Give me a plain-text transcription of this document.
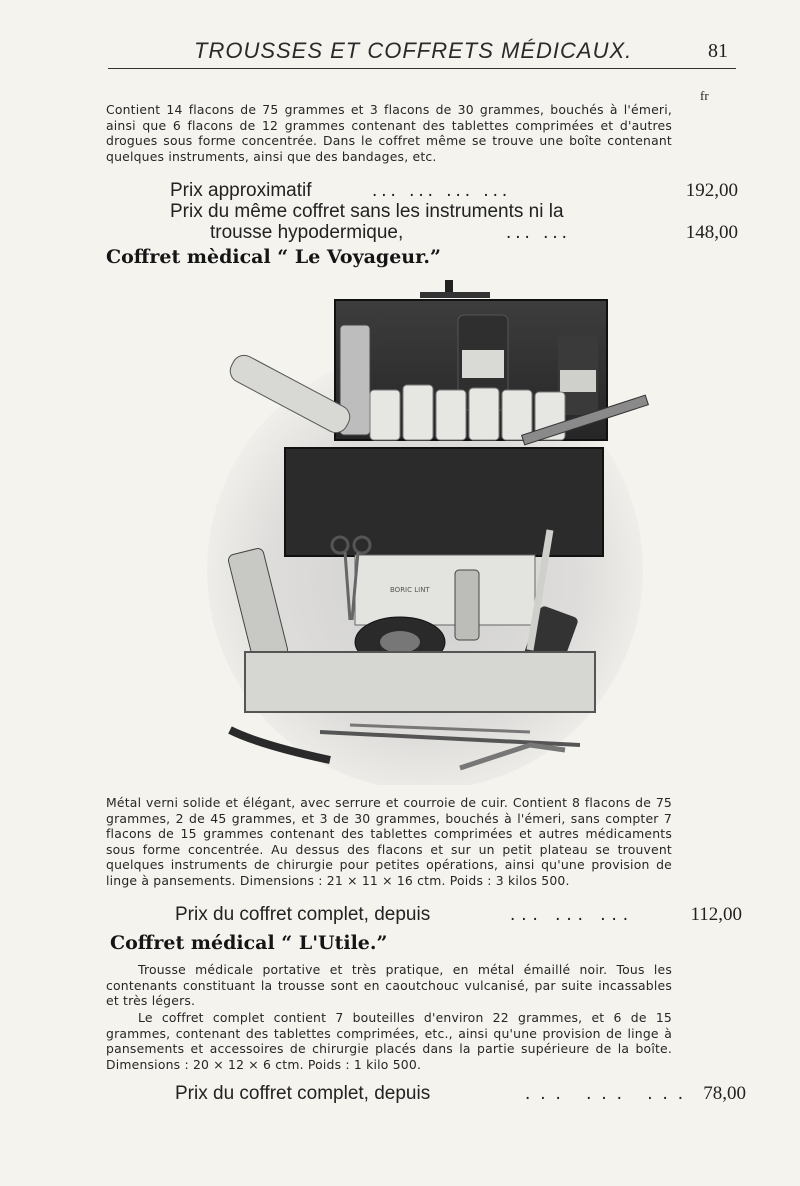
TROUSSES ET COFFRETS MÉDICAUX.	81
fr
Contient 14 flacons de 75 grammes et 3 flacons de 30 grammes, bouchés à l'émeri, ainsi que 6 flacons de 12 grammes contenant des tablettes comprimées et d'autres drogues sous forme concentrée. Dans le coffret même se trouve une boîte contenant quelques instruments, ainsi que des bandages, etc.
Prix approximatif	... ... ... ...	192,00
Prix du même coffret sans les instruments ni la
trousse hypodermique,	... ...	148,00
Coffret mèdical “ Le Voyageur.”
BORIC LINT
Métal verni solide et élégant, avec serrure et courroie de cuir. Contient 8 flacons de 75 grammes, 2 de 45 grammes, et 3 de 30 grammes, bouchés à l'émeri, sans compter 7 flacons de 15 grammes contenant des tablettes comprimées et autres médicaments sous forme concentrée. Au dessus des flacons et sur un petit plateau se trouvent quelques instruments de chirurgie pour petites opérations, ainsi qu'une provision de linge à pansements. Dimensions : 21 × 11 × 16 ctm. Poids : 3 kilos 500.
Prix du coffret complet, depuis	... ... ...	112,00
Coffret médical “ L'Utile.”
Trousse médicale portative et très pratique, en métal émaillé noir. Tous les contenants constituant la trousse sont en caoutchouc vulcanisé, par suite incassables et très légers.
Le coffret complet contient 7 bouteilles d'environ 22 grammes, et 6 de 15 grammes, contenant des tablettes comprimées, etc., ainsi qu'une provision de linge à pansements et accessoires de chirurgie placés dans la partie supérieure de la boîte. Dimensions : 20 × 12 × 6 ctm. Poids : 1 kilo 500.
Prix du coffret complet, depuis	... ... ... 78,00
